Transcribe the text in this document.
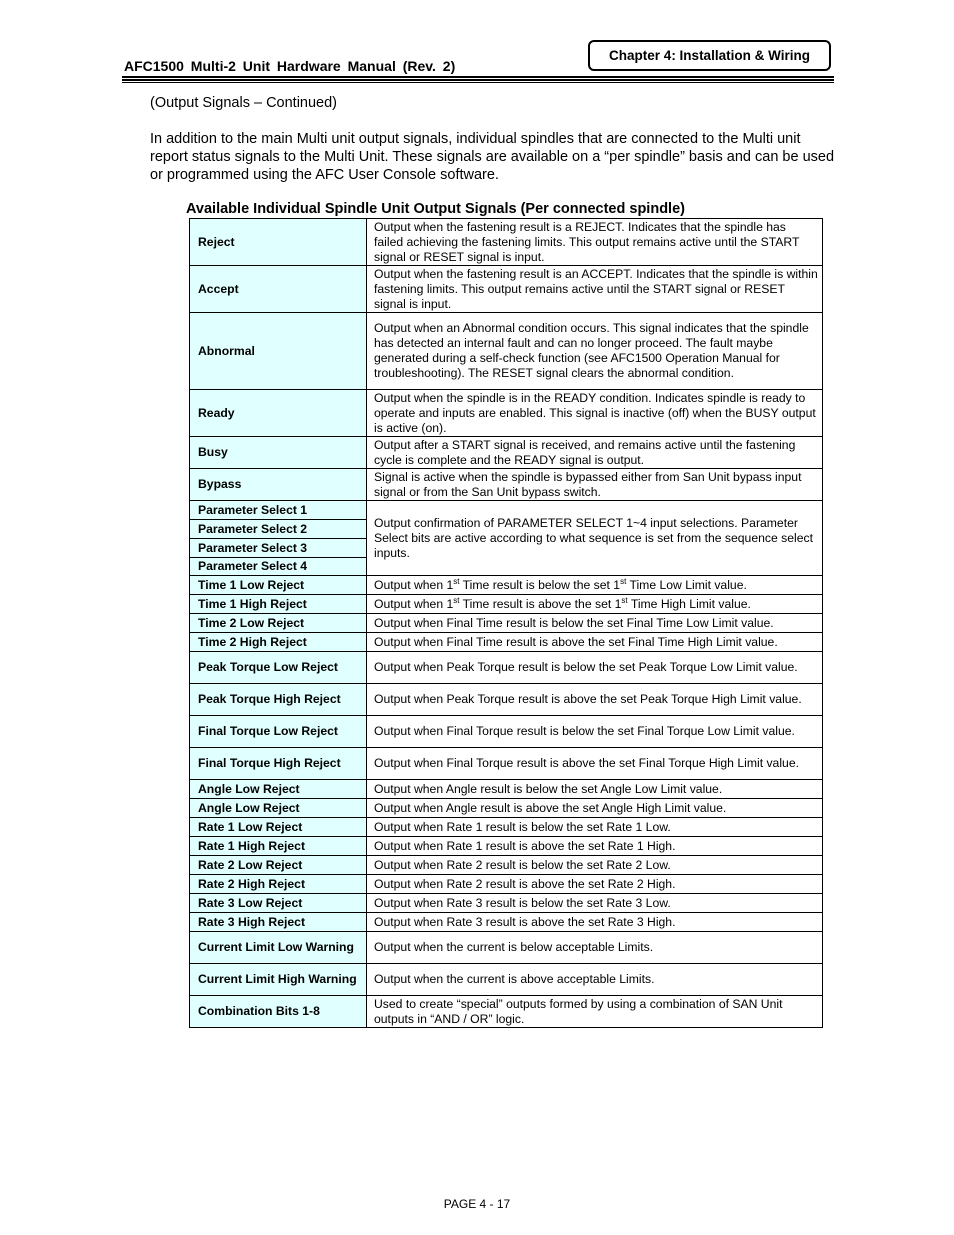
AFC1500 Multi-2 Unit Hardware Manual (Rev. 2)
Chapter 4: Installation & Wiring
(Output Signals – Continued)
In addition to the main Multi unit output signals, individual spindles that are connected to the Multi unit report status signals to the Multi Unit. These signals are available on a “per spindle” basis and can be used or programmed using the AFC User Console software.
Available Individual Spindle Unit Output Signals (Per connected spindle)
Reject	Output when the fastening result is a REJECT. Indicates that the spindle has failed achieving the fastening limits. This output remains active until the START signal or RESET signal is input.
Accept	Output when the fastening result is an ACCEPT. Indicates that the spindle is within fastening limits. This output remains active until the START signal or RESET signal is input.
Abnormal	Output when an Abnormal condition occurs. This signal indicates that the spindle has detected an internal fault and can no longer proceed. The fault maybe generated during a self-check function (see AFC1500 Operation Manual for troubleshooting). The RESET signal clears the abnormal condition.
Ready	Output when the spindle is in the READY condition. Indicates spindle is ready to operate and inputs are enabled. This signal is inactive (off) when the BUSY output is active (on).
Busy	Output after a START signal is received, and remains active until the fastening cycle is complete and the READY signal is output.
Bypass	Signal is active when the spindle is bypassed either from San Unit bypass input signal or from the San Unit bypass switch.
Parameter Select 1	Output confirmation of PARAMETER SELECT 1~4 input selections. Parameter Select bits are active according to what sequence is set from the sequence select inputs.
Parameter Select 2	
Parameter Select 3	
Parameter Select 4	
Time 1 Low Reject	Output when 1st Time result is below the set 1st Time Low Limit value.
Time 1 High Reject	Output when 1st Time result is above the set 1st Time High Limit value.
Time 2 Low Reject	Output when Final Time result is below the set Final Time Low Limit value.
Time 2 High Reject	Output when Final Time result is above the set Final Time High Limit value.
Peak Torque Low Reject	Output when Peak Torque result is below the set Peak Torque Low Limit value.
Peak Torque High Reject	Output when Peak Torque result is above the set Peak Torque High Limit value.
Final Torque Low Reject	Output when Final Torque result is below the set Final Torque Low Limit value.
Final Torque High Reject	Output when Final Torque result is above the set Final Torque High Limit value.
Angle Low Reject	Output when Angle result is below the set Angle Low Limit value.
Angle Low Reject	Output when Angle result is above the set Angle High Limit value.
Rate 1 Low Reject	Output when Rate 1 result is below the set Rate 1 Low.
Rate 1 High Reject	Output when Rate 1 result is above the set Rate 1 High.
Rate 2 Low Reject	Output when Rate 2 result is below the set Rate 2 Low.
Rate 2 High Reject	Output when Rate 2 result is above the set Rate 2 High.
Rate 3 Low Reject	Output when Rate 3 result is below the set Rate 3 Low.
Rate 3 High Reject	Output when Rate 3 result is above the set Rate 3 High.
Current Limit Low Warning	Output when the current is below acceptable Limits.
Current Limit High Warning	Output when the current is above acceptable Limits.
Combination Bits 1-8	Used to create “special” outputs formed by using a combination of SAN Unit outputs in “AND / OR” logic.
PAGE 4 - 17
